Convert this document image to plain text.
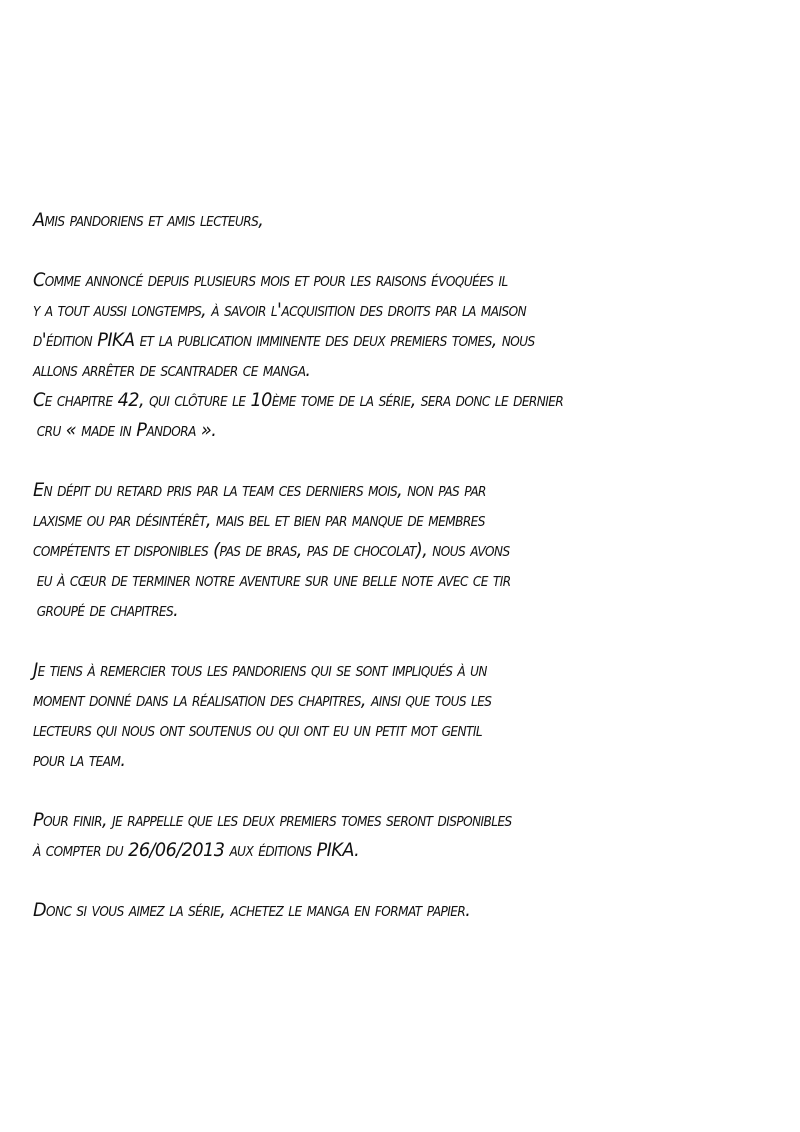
Amis pandoriens et amis lecteurs,
Comme annoncé depuis plusieurs mois et pour les raisons évoquées il
y a tout aussi longtemps, à savoir l'acquisition des droits par la maison
d'édition PIKA et la publication imminente des deux premiers tomes, nous
allons arrêter de scantrader ce manga.
Ce chapitre 42, qui clôture le 10ème tome de la série, sera donc le dernier
cru « made in Pandora ».
En dépit du retard pris par la team ces derniers mois, non pas par
laxisme ou par désintérêt, mais bel et bien par manque de membres
compétents et disponibles (pas de bras, pas de chocolat), nous avons
eu à cœur de terminer notre aventure sur une belle note avec ce tir
groupé de chapitres.
Je tiens à remercier tous les pandoriens qui se sont impliqués à un
moment donné dans la réalisation des chapitres, ainsi que tous les
lecteurs qui nous ont soutenus ou qui ont eu un petit mot gentil
pour la team.
Pour finir, je rappelle que les deux premiers tomes seront disponibles
à compter du 26/06/2013 aux éditions PIKA.
Donc si vous aimez la série, achetez le manga en format papier.
